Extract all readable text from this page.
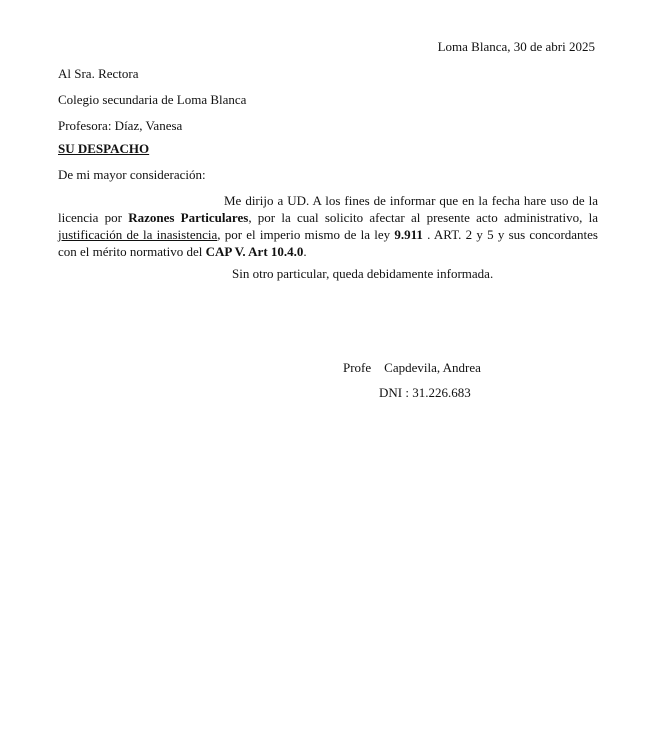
Loma Blanca, 30 de abri 2025
Al Sra. Rectora
Colegio secundaria de Loma Blanca
Profesora: Díaz, Vanesa
SU DESPACHO
De mi mayor consideración:
Me dirijo a UD. A los fines de informar que en la fecha hare uso de la
licencia por Razones Particulares, por la cual solicito afectar al presente acto administrativo, la
justificación de la inasistencia, por el imperio mismo de la ley 9.911 . ART. 2 y 5 y sus concordantes
con el mérito normativo del CAP V. Art 10.4.0.
Sin otro particular, queda debidamente informada.
Profe    Capdevila, Andrea
DNI : 31.226.683
